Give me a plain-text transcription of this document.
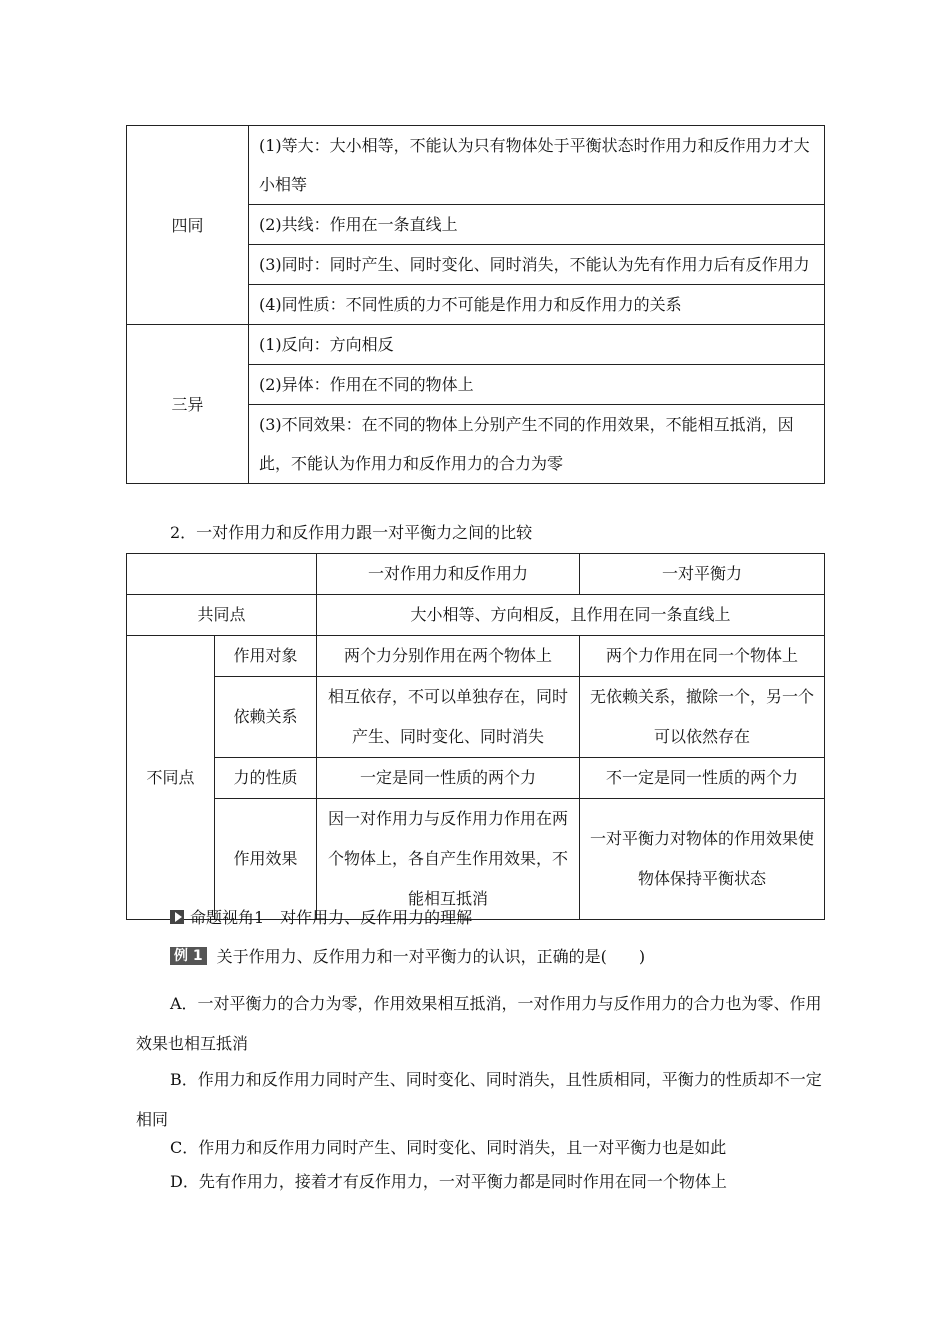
四同	(1)等大：大小相等，不能认为只有物体处于平衡状态时作用力和反作用力才大小相等
	(2)共线：作用在一条直线上
	(3)同时：同时产生、同时变化、同时消失，不能认为先有作用力后有反作用力
	(4)同性质：不同性质的力不可能是作用力和反作用力的关系
三异	(1)反向：方向相反
	(2)异体：作用在不同的物体上
	(3)不同效果：在不同的物体上分别产生不同的作用效果，不能相互抵消，因此，不能认为作用力和反作用力的合力为零
2．一对作用力和反作用力跟一对平衡力之间的比较
		一对作用力和反作用力	一对平衡力
共同点		大小相等、方向相反，且作用在同一条直线上	
不同点	作用对象	两个力分别作用在两个物体上	两个力作用在同一个物体上
	依赖关系	相互依存，不可以单独存在，同时产生、同时变化、同时消失	无依赖关系，撤除一个，另一个可以依然存在
	力的性质	一定是同一性质的两个力	不一定是同一性质的两个力
	作用效果	因一对作用力与反作用力作用在两个物体上，各自产生作用效果，不能相互抵消	一对平衡力对物体的作用效果使物体保持平衡状态
命题视角1　对作用力、反作用力的理解
例 1 关于作用力、反作用力和一对平衡力的认识，正确的是(　　)
A．一对平衡力的合力为零，作用效果相互抵消，一对作用力与反作用力的合力也为零、作用效果也相互抵消
B．作用力和反作用力同时产生、同时变化、同时消失，且性质相同，平衡力的性质却不一定相同
C．作用力和反作用力同时产生、同时变化、同时消失，且一对平衡力也是如此
D．先有作用力，接着才有反作用力，一对平衡力都是同时作用在同一个物体上
